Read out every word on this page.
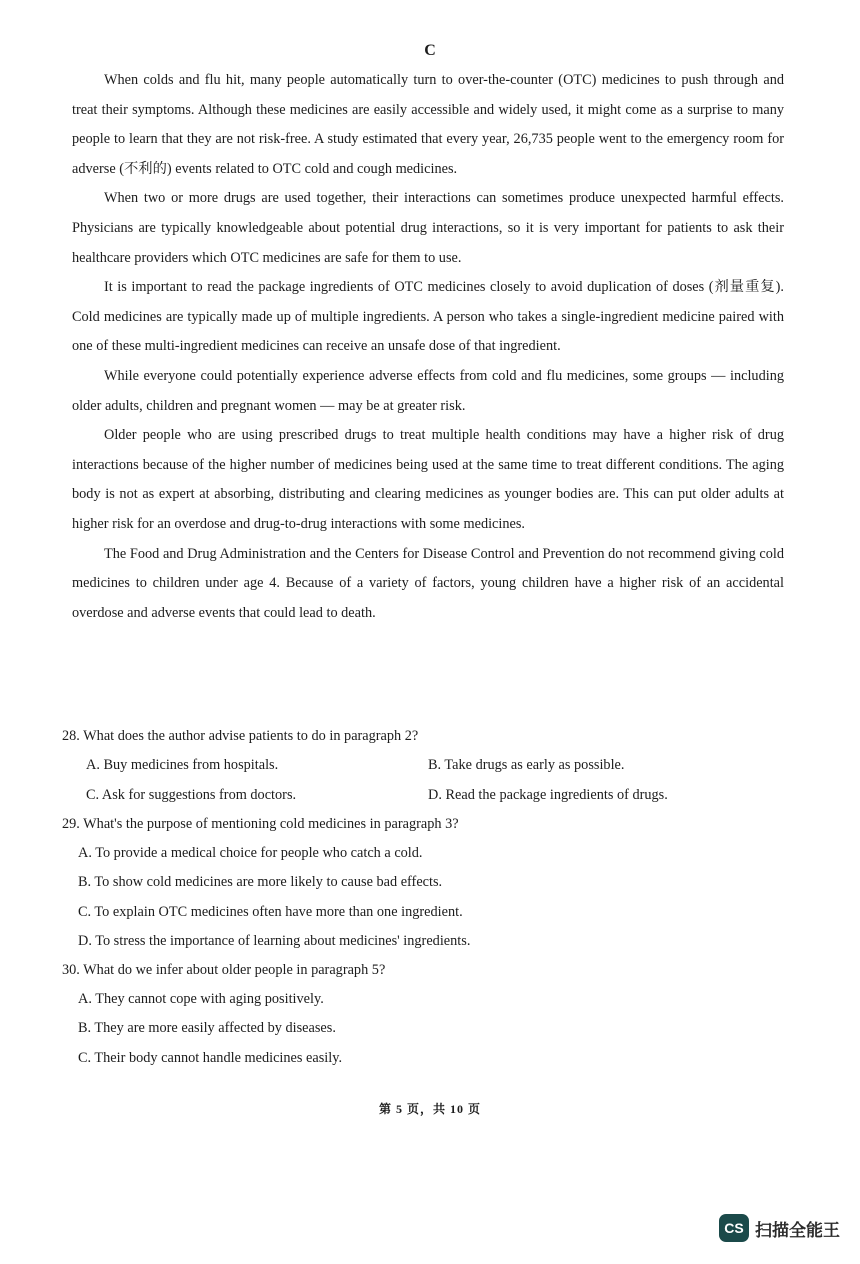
C

When colds and flu hit, many people automatically turn to over-the-counter (OTC) medicines to push through and treat their symptoms. Although these medicines are easily accessible and widely used, it might come as a surprise to many people to learn that they are not risk-free. A study estimated that every year, 26,735 people went to the emergency room for adverse (不利的) events related to OTC cold and cough medicines.

When two or more drugs are used together, their interactions can sometimes produce unexpected harmful effects. Physicians are typically knowledgeable about potential drug interactions, so it is very important for patients to ask their healthcare providers which OTC medicines are safe for them to use.

It is important to read the package ingredients of OTC medicines closely to avoid duplication of doses (剂量重复). Cold medicines are typically made up of multiple ingredients. A person who takes a single-ingredient medicine paired with one of these multi-ingredient medicines can receive an unsafe dose of that ingredient.

While everyone could potentially experience adverse effects from cold and flu medicines, some groups — including older adults, children and pregnant women — may be at greater risk.

Older people who are using prescribed drugs to treat multiple health conditions may have a higher risk of drug interactions because of the higher number of medicines being used at the same time to treat different conditions. The aging body is not as expert at absorbing, distributing and clearing medicines as younger bodies are. This can put older adults at higher risk for an overdose and drug-to-drug interactions with some medicines.

The Food and Drug Administration and the Centers for Disease Control and Prevention do not recommend giving cold medicines to children under age 4. Because of a variety of factors, young children have a higher risk of an accidental overdose and adverse events that could lead to death.

28. What does the author advise patients to do in paragraph 2?
A. Buy medicines from hospitals.	B. Take drugs as early as possible.
C. Ask for suggestions from doctors.	D. Read the package ingredients of drugs.
29. What's the purpose of mentioning cold medicines in paragraph 3?
A. To provide a medical choice for people who catch a cold.
B. To show cold medicines are more likely to cause bad effects.
C. To explain OTC medicines often have more than one ingredient.
D. To stress the importance of learning about medicines' ingredients.
30. What do we infer about older people in paragraph 5?
A. They cannot cope with aging positively.
B. They are more easily affected by diseases.
C. Their body cannot handle medicines easily.
第 5 页，共 10 页
CS 扫描全能王
